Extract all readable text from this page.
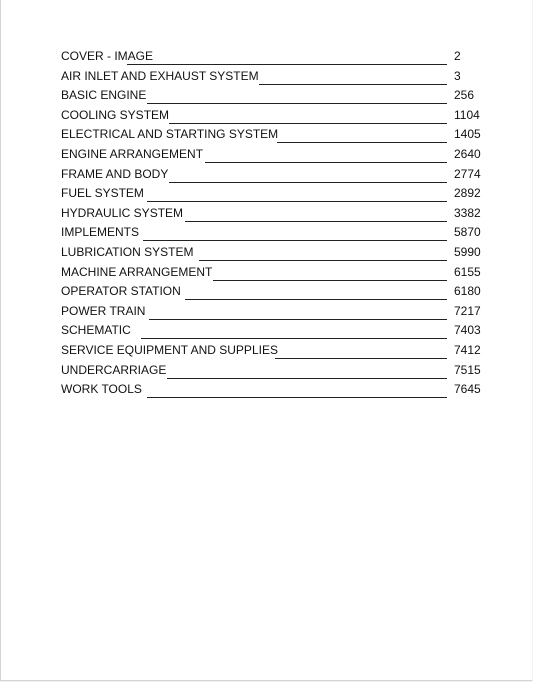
COVER - IMAGE	2
AIR INLET AND EXHAUST SYSTEM	3
BASIC ENGINE	256
COOLING SYSTEM	1104
ELECTRICAL AND STARTING SYSTEM	1405
ENGINE ARRANGEMENT	2640
FRAME AND BODY	2774
FUEL SYSTEM	2892
HYDRAULIC SYSTEM	3382
IMPLEMENTS	5870
LUBRICATION SYSTEM	5990
MACHINE ARRANGEMENT	6155
OPERATOR STATION	6180
POWER TRAIN	7217
SCHEMATIC	7403
SERVICE EQUIPMENT AND SUPPLIES	7412
UNDERCARRIAGE	7515
WORK TOOLS	7645
